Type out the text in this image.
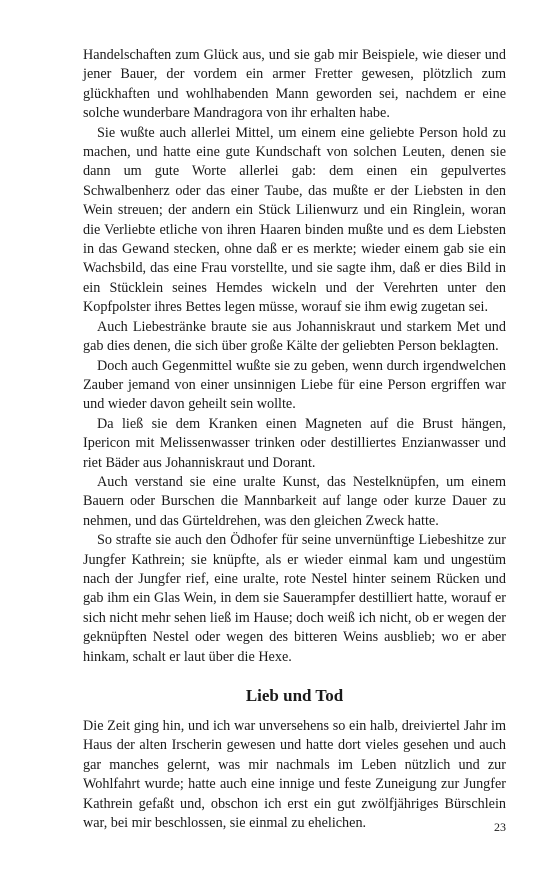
Handelschaften zum Glück aus, und sie gab mir Beispiele, wie dieser und jener Bauer, der vordem ein armer Fretter gewesen, plötzlich zum glückhaften und wohlhabenden Mann geworden sei, nachdem er eine solche wunderbare Mandragora von ihr erhalten habe.

Sie wußte auch allerlei Mittel, um einem eine geliebte Person hold zu machen, und hatte eine gute Kundschaft von solchen Leuten, denen sie dann um gute Worte allerlei gab: dem einen ein gepulvertes Schwalbenherz oder das einer Taube, das mußte er der Liebsten in den Wein streuen; der andern ein Stück Lilienwurz und ein Ringlein, woran die Verliebte etliche von ihren Haaren binden mußte und es dem Liebsten in das Gewand stecken, ohne daß er es merkte; wieder einem gab sie ein Wachsbild, das eine Frau vorstellte, und sie sagte ihm, daß er dies Bild in ein Stücklein seines Hemdes wickeln und der Verehrten unter den Kopfpolster ihres Bettes legen müsse, worauf sie ihm ewig zugetan sei.

Auch Liebestränke braute sie aus Johanniskraut und starkem Met und gab dies denen, die sich über große Kälte der geliebten Person beklagten.

Doch auch Gegenmittel wußte sie zu geben, wenn durch irgendwelchen Zauber jemand von einer unsinnigen Liebe für eine Person ergriffen war und wieder davon geheilt sein wollte.

Da ließ sie dem Kranken einen Magneten auf die Brust hängen, Ipericon mit Melissenwasser trinken oder destilliertes Enzianwasser und riet Bäder aus Johanniskraut und Dorant.

Auch verstand sie eine uralte Kunst, das Nestelknüpfen, um einem Bauern oder Burschen die Mannbarkeit auf lange oder kurze Dauer zu nehmen, und das Gürteldrehen, was den gleichen Zweck hatte.

So strafte sie auch den Ödhofer für seine unvernünftige Liebeshitze zur Jungfer Kathrein; sie knüpfte, als er wieder einmal kam und ungestüm nach der Jungfer rief, eine uralte, rote Nestel hinter seinem Rücken und gab ihm ein Glas Wein, in dem sie Sauerampfer destilliert hatte, worauf er sich nicht mehr sehen ließ im Hause; doch weiß ich nicht, ob er wegen der geknüpften Nestel oder wegen des bitteren Weins ausblieb; wo er aber hinkam, schalt er laut über die Hexe.

Lieb und Tod

Die Zeit ging hin, und ich war unversehens so ein halb, dreiviertel Jahr im Haus der alten Irscherin gewesen und hatte dort vieles gesehen und auch gar manches gelernt, was mir nachmals im Leben nützlich und zur Wohlfahrt wurde; hatte auch eine innige und feste Zuneigung zur Jungfer Kathrein gefaßt und, obschon ich erst ein gut zwölfjähriges Bürschlein war, bei mir beschlossen, sie einmal zu ehelichen.	23
